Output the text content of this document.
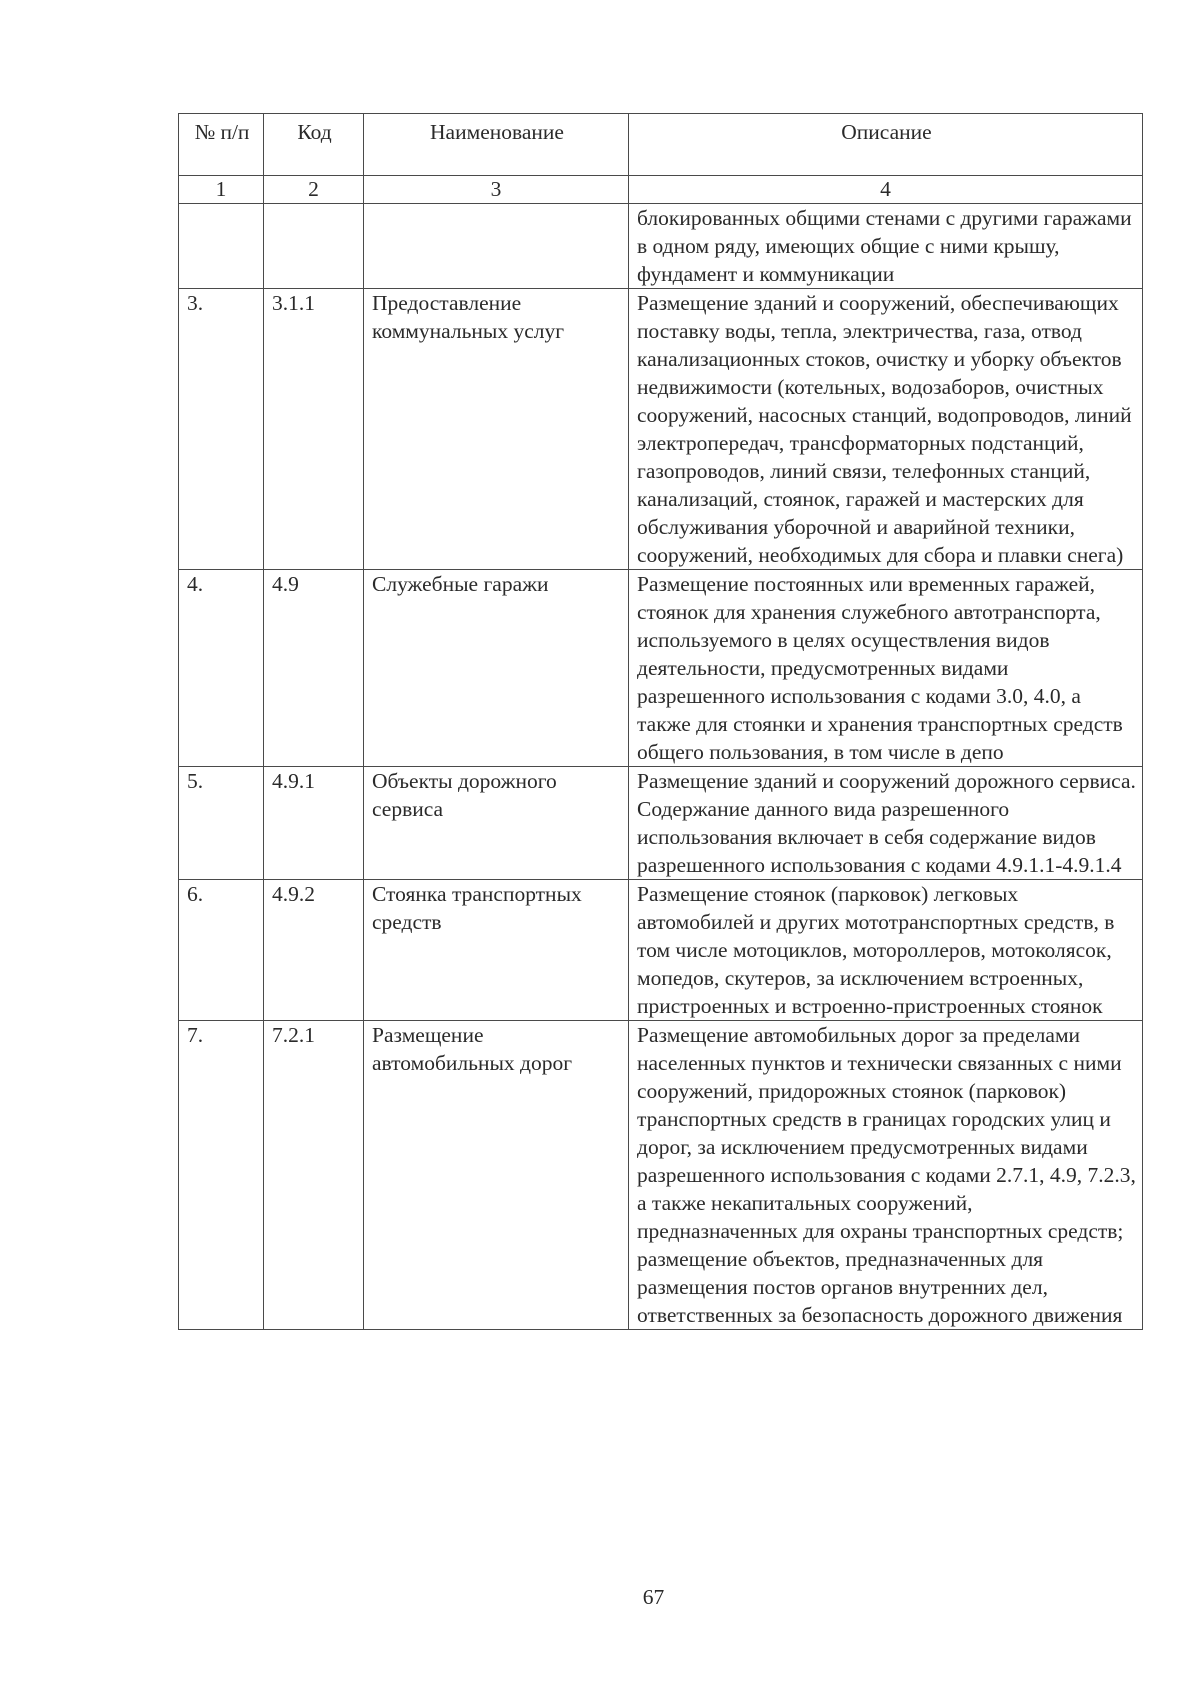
№ п/п	Код	Наименование	Описание
1	2	3	4
			блокированных общими стенами с другими гаражами в одном ряду, имеющих общие с ними крышу, фундамент и коммуникации
3.	3.1.1	Предоставление коммунальных услуг	Размещение зданий и сооружений, обеспечивающих поставку воды, тепла, электричества, газа, отвод канализационных стоков, очистку и уборку объектов недвижимости (котельных, водозаборов, очистных сооружений, насосных станций, водопроводов, линий электропередач, трансформаторных подстанций, газопроводов, линий связи, телефонных станций, канализаций, стоянок, гаражей и мастерских для обслуживания уборочной и аварийной техники, сооружений, необходимых для сбора и плавки снега)
4.	4.9	Служебные гаражи	Размещение постоянных или временных гаражей, стоянок для хранения служебного автотранспорта, используемого в целях осуществления видов деятельности, предусмотренных видами разрешенного использования с кодами 3.0, 4.0, а также для стоянки и хранения транспортных средств общего пользования, в том числе в депо
5.	4.9.1	Объекты дорожного сервиса	Размещение зданий и сооружений дорожного сервиса. Содержание данного вида разрешенного использования включает в себя содержание видов разрешенного использования с кодами 4.9.1.1-4.9.1.4
6.	4.9.2	Стоянка транспортных средств	Размещение стоянок (парковок) легковых автомобилей и других мототранспортных средств, в том числе мотоциклов, мотороллеров, мотоколясок, мопедов, скутеров, за исключением встроенных, пристроенных и встроенно-пристроенных стоянок
7.	7.2.1	Размещение автомобильных дорог	Размещение автомобильных дорог за пределами населенных пунктов и технически связанных с ними сооружений, придорожных стоянок (парковок) транспортных средств в границах городских улиц и дорог, за исключением предусмотренных видами разрешенного использования с кодами 2.7.1, 4.9, 7.2.3, а также некапитальных сооружений, предназначенных для охраны транспортных средств; размещение объектов, предназначенных для размещения постов органов внутренних дел, ответственных за безопасность дорожного движения
67
